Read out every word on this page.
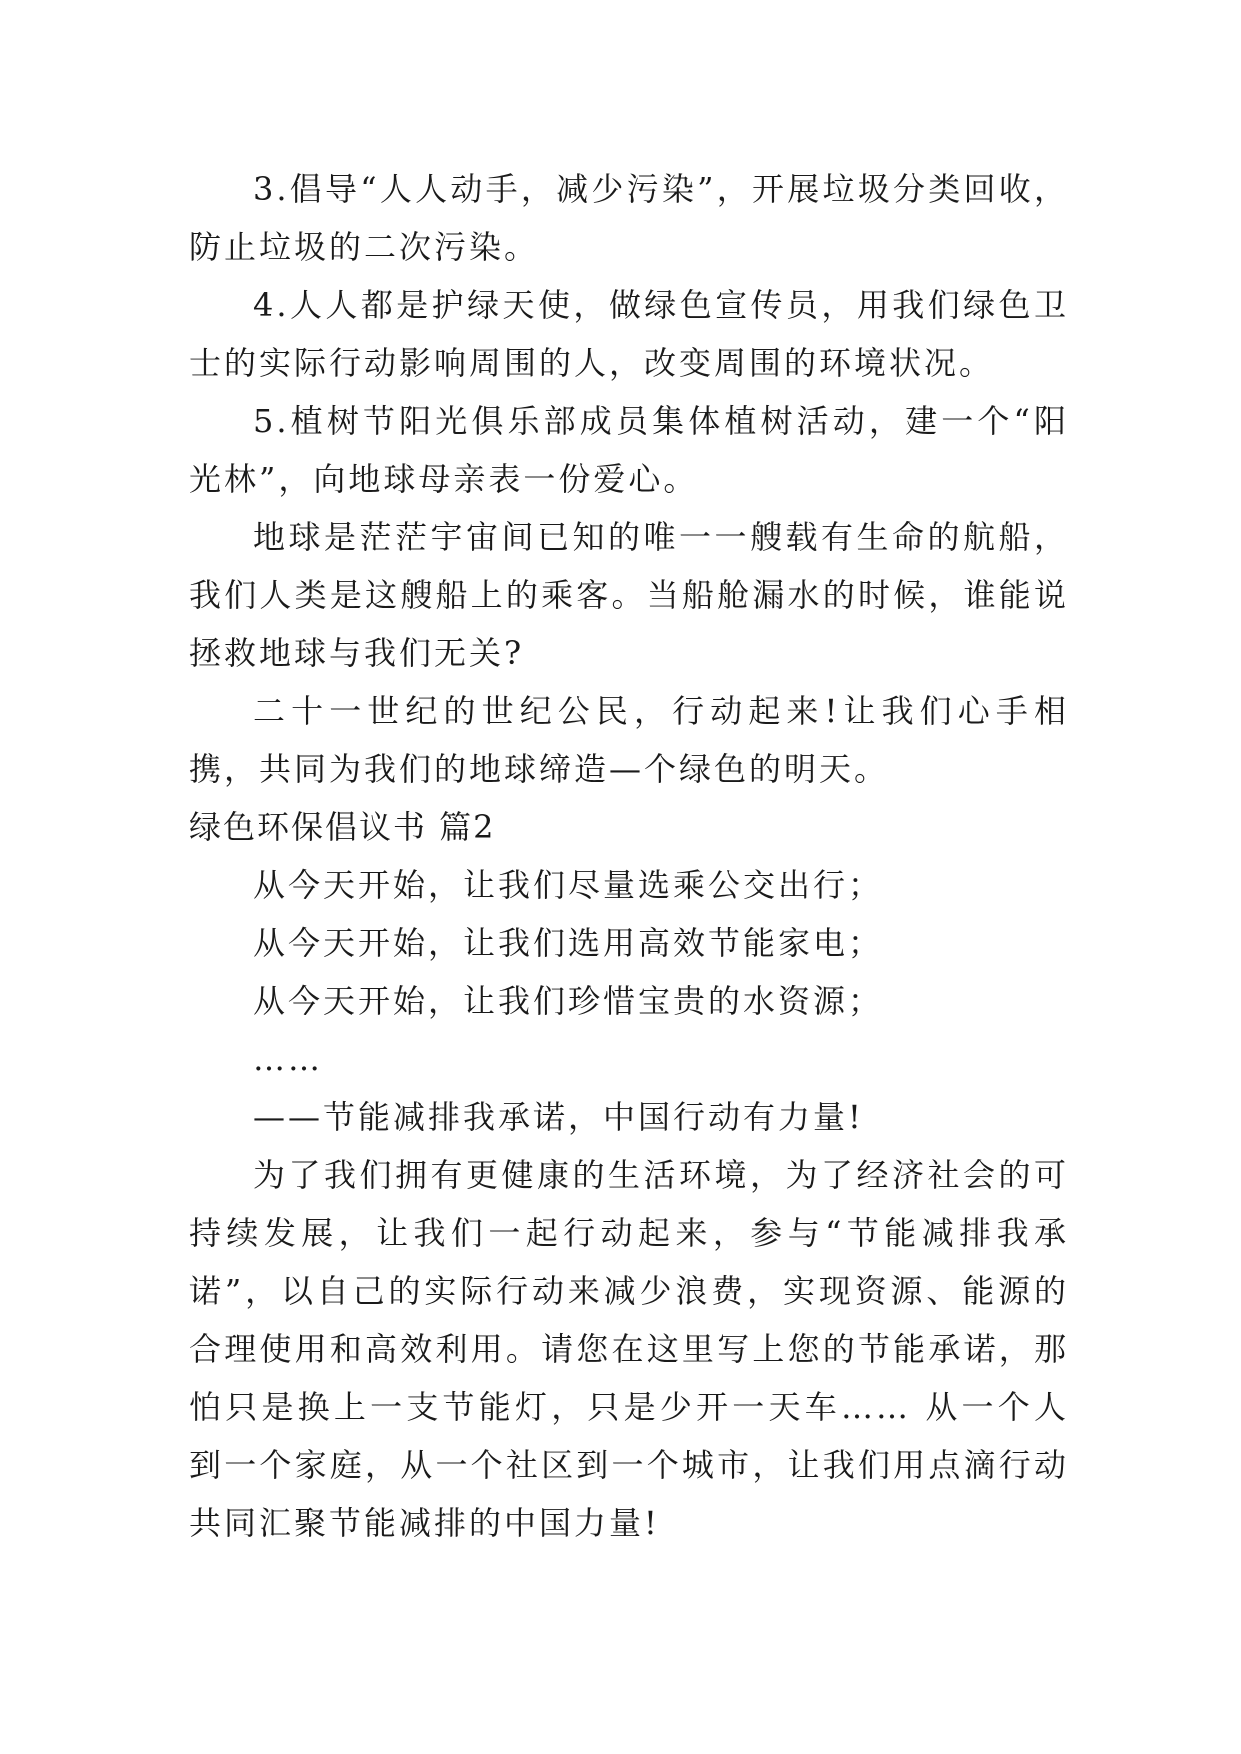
3.倡导“人人动手，减少污染”，开展垃圾分类回收，防止垃圾的二次污染。

4.人人都是护绿天使，做绿色宣传员，用我们绿色卫士的实际行动影响周围的人，改变周围的环境状况。

5.植树节阳光俱乐部成员集体植树活动，建一个“阳光林”，向地球母亲表一份爱心。

地球是茫茫宇宙间已知的唯一一艘载有生命的航船，我们人类是这艘船上的乘客。当船舱漏水的时候，谁能说拯救地球与我们无关?

二十一世纪的世纪公民，行动起来!让我们心手相携，共同为我们的地球缔造—个绿色的明天。

绿色环保倡议书 篇2

从今天开始，让我们尽量选乘公交出行；

从今天开始，让我们选用高效节能家电；

从今天开始，让我们珍惜宝贵的水资源；

……

——节能减排我承诺，中国行动有力量!

为了我们拥有更健康的生活环境，为了经济社会的可持续发展，让我们一起行动起来，参与“节能减排我承诺”，以自己的实际行动来减少浪费，实现资源、能源的合理使用和高效利用。请您在这里写上您的节能承诺，那怕只是换上一支节能灯，只是少开一天车…… 从一个人到一个家庭，从一个社区到一个城市，让我们用点滴行动共同汇聚节能减排的中国力量!
